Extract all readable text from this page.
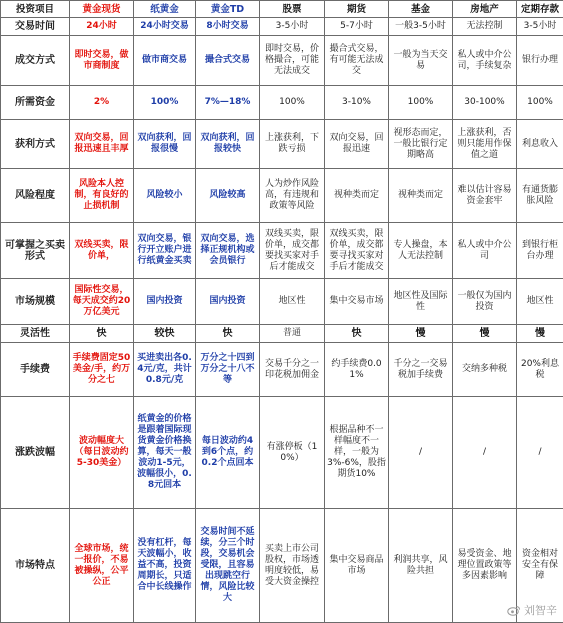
投资项目	黄金现货	纸黄金	黄金TD	股票	期货	基金	房地产	定期存款
交易时间	24小时	24小时交易	8小时交易	3-5小时	5-7小时	一般3-5小时	无法控制	3-5小时
成交方式	即时交易，做市商制度	做市商交易	撮合式交易	即时交易，价格撮合，可能无法成交	撮合式交易，有可能无法成交	一般为当天交易	私人或中介公司，手续复杂	银行办理
所需资金	2%	100%	7%—18%	100%	3-10%	100%	30-100%	100%
获利方式	双向交易，回报迅速且丰厚	双向获利，回报很慢	双向获利，回报较快	上涨获利，下跌亏损	双向交易，回报迅速	视形态而定，一般比银行定期略高	上涨获利，否则只能用作保值之道	利息收入
风险程度	风险本人控制，有良好的止损机制	风险较小	风险较高	人为炒作风险高，有违规和政策等风险	视种类而定	视种类而定	难以估计容易资金套牢	有通货膨胀风险
可掌握之买卖形式	双线买卖，限价单，	双向交易，银行开立账户进行纸黄金买卖	双向交易，选择正规机构或会员银行	双线买卖，限价单，成交都要找买家对手后才能成交	双线买卖，限价单，成交都要寻找买家对手后才能成交	专人操盘，本人无法控制	私人或中介公司	到银行柜台办理
市场规模	国际性交易，每天成交约20万亿美元	国内投资	国内投资	地区性	集中交易市场	地区性及国际性	一般仅为国内投资	地区性
灵活性	快	较快	快	普通	快	慢	慢	慢
手续费	手续费固定50美金/手，约万分之七	买进卖出各0.4元/克，共计0.8元/克	万分之十四到万分之十八不等	交易千分之一印花税加佣金	约手续费0.01%	千分之一交易税加手续费	交纳多种税	20%利息税
涨跌波幅	波动幅度大（每日波动约5-30美金）	纸黄金的价格是跟着国际现货黄金价格换算，每天一般波动1-5元，波幅很小，0.8元回本	每日波动约4到6个点，约0.2个点回本	有涨停板（10%）	根据品种不一样幅度不一样，一般为3%-6%，股指期货10%	/	/	/
市场特点	全球市场，统一报价，不易被操纵，公平公正	没有杠杆，每天波幅小，收益不高，投资周期长，只适合中长线操作	交易时间不延续，分三个时段，交易机会受限，且容易出现跳空行情，风险比较大	买卖上市公司股权，市场透明度较低，易受大资金操控	集中交易商品市场	利润共享，风险共担	易受资金、地理位置政策等多因素影响	资金相对安全有保障
刘智辛
